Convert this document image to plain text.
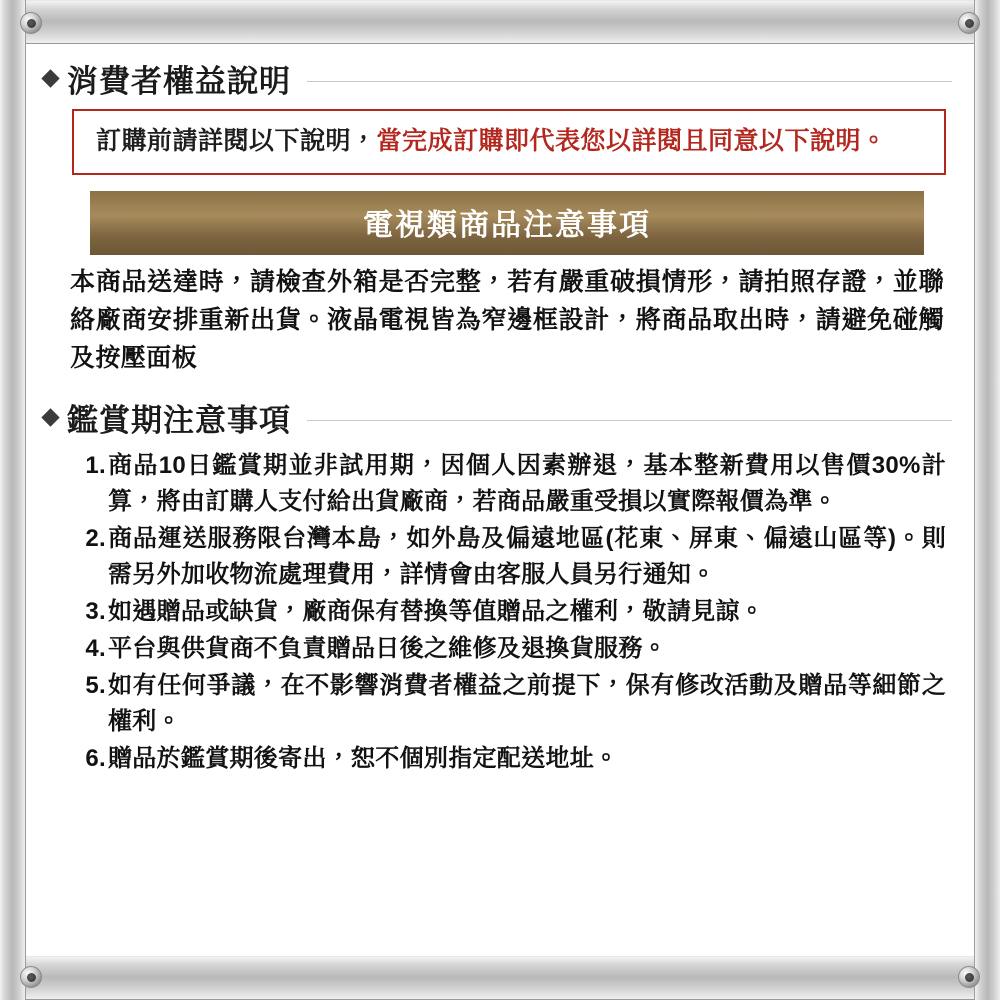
消費者權益說明
訂購前請詳閱以下說明，當完成訂購即代表您以詳閱且同意以下說明。
電視類商品注意事項
本商品送達時，請檢查外箱是否完整，若有嚴重破損情形，請拍照存證，並聯絡廠商安排重新出貨。液晶電視皆為窄邊框設計，將商品取出時，請避免碰觸及按壓面板
鑑賞期注意事項
1. 商品10日鑑賞期並非試用期，因個人因素辦退，基本整新費用以售價30%計算，將由訂購人支付給出貨廠商，若商品嚴重受損以實際報價為準。
2. 商品運送服務限台灣本島，如外島及偏遠地區(花東、屏東、偏遠山區等)。則需另外加收物流處理費用，詳情會由客服人員另行通知。
3. 如遇贈品或缺貨，廠商保有替換等值贈品之權利，敬請見諒。
4. 平台與供貨商不負責贈品日後之維修及退換貨服務。
5. 如有任何爭議，在不影響消費者權益之前提下，保有修改活動及贈品等細節之權利。
6. 贈品於鑑賞期後寄出，恕不個別指定配送地址。
